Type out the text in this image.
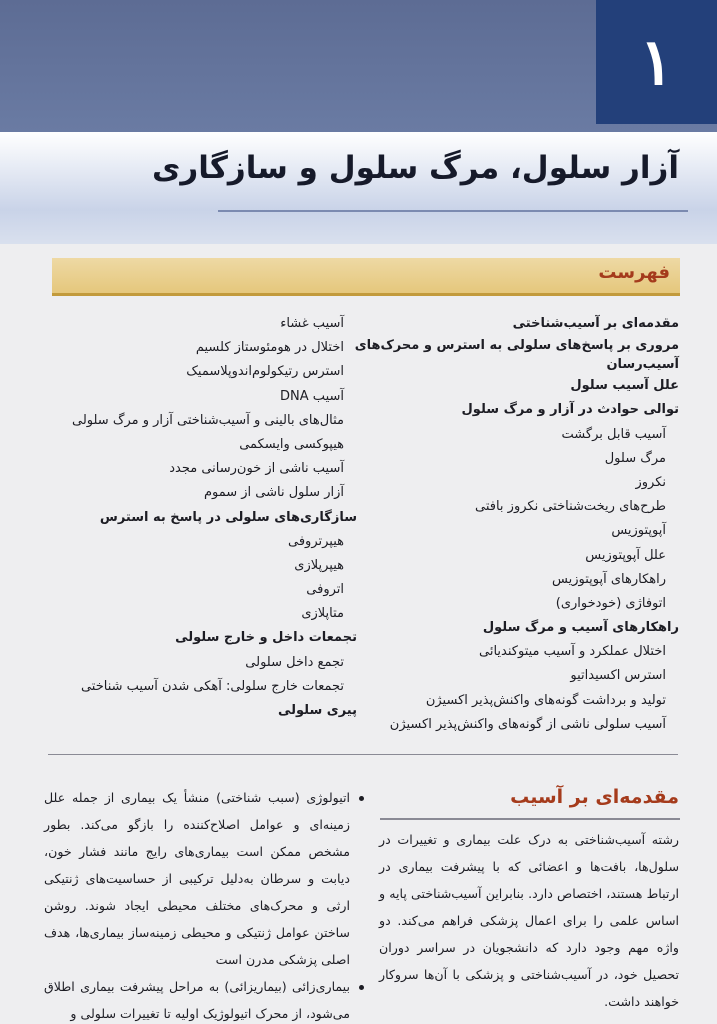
۱
آزار سلول، مرگ سلول و سازگاری
فهرست
مقدمه‌ای بر آسیب‌شناختی
مروری بر پاسخ‌های سلولی به استرس و محرک‌های
آسیب‌رسان
علل آسیب سلول
توالی حوادث در آزار و مرگ سلول
آسیب قابل برگشت
مرگ سلول
نکروز
طرح‌های ریخت‌شناختی نکروز بافتی
آپوپتوزیس
علل آپوپتوزیس
راهکارهای آپوپتوزیس
اتوفاژی (خودخواری)
راهکارهای آسیب و مرگ سلول
اختلال عملکرد و آسیب میتوکندیائی
استرس اکسیداتیو
تولید و برداشت گونه‌های واکنش‌پذیر اکسیژن
آسیب سلولی ناشی از گونه‌های واکنش‌پذیر اکسیژن
آسیب غشاء
اختلال در هومئوستاز کلسیم
استرس رتیکولوم‌اندوپلاسمیک
آسیب DNA
مثال‌های بالینی و آسیب‌شناختی آزار و مرگ سلولی
هیپوکسی وایسکمی
آسیب ناشی از خون‌رسانی مجدد
آزار سلول ناشی از سموم
سازگاری‌های سلولی در پاسخ به استرس
هیپرتروفی
هیپرپلازی
اتروفی
متاپلازی
تجمعات داخل و خارج سلولی
تجمع داخل سلولی
تجمعات خارج سلولی: آهکی شدن آسیب شناختی
پیری سلولی
مقدمه‌ای بر آسیب

رشته آسیب‌شناختی به درک علت بیماری و تغییرات در سلول‌ها، بافت‌ها و اعضائی که با پیشرفت بیماری در ارتباط هستند، اختصاص دارد. بنابراین آسیب‌شناختی پایه و اساس علمی را برای اعمال پزشکی فراهم می‌کند. دو واژه مهم وجود دارد که دانشجویان در سراسر دوران تحصیل خود، در آسیب‌شناختی و پزشکی با آن‌ها سروکار خواهند داشت.

اتیولوژی (سبب شناختی) منشأ یک بیماری از جمله علل زمینه‌ای و عوامل اصلاح‌کننده را بازگو می‌کند. بطور مشخص ممکن است بیماری‌های رایج مانند فشار خون، دیابت و سرطان به‌دلیل ترکیبی از حساسیت‌های ژنتیکی ارثی و محرک‌های مختلف محیطی ایجاد شوند. روشن ساختن عوامل ژنتیکی و محیطی زمینه‌ساز بیماری‌ها، هدف اصلی پزشکی مدرن است
بیماری‌زائی (بیماریزائی) به مراحل پیشرفت بیماری اطلاق می‌شود، از محرک اتیولوژیک اولیه تا تغییرات سلولی و
